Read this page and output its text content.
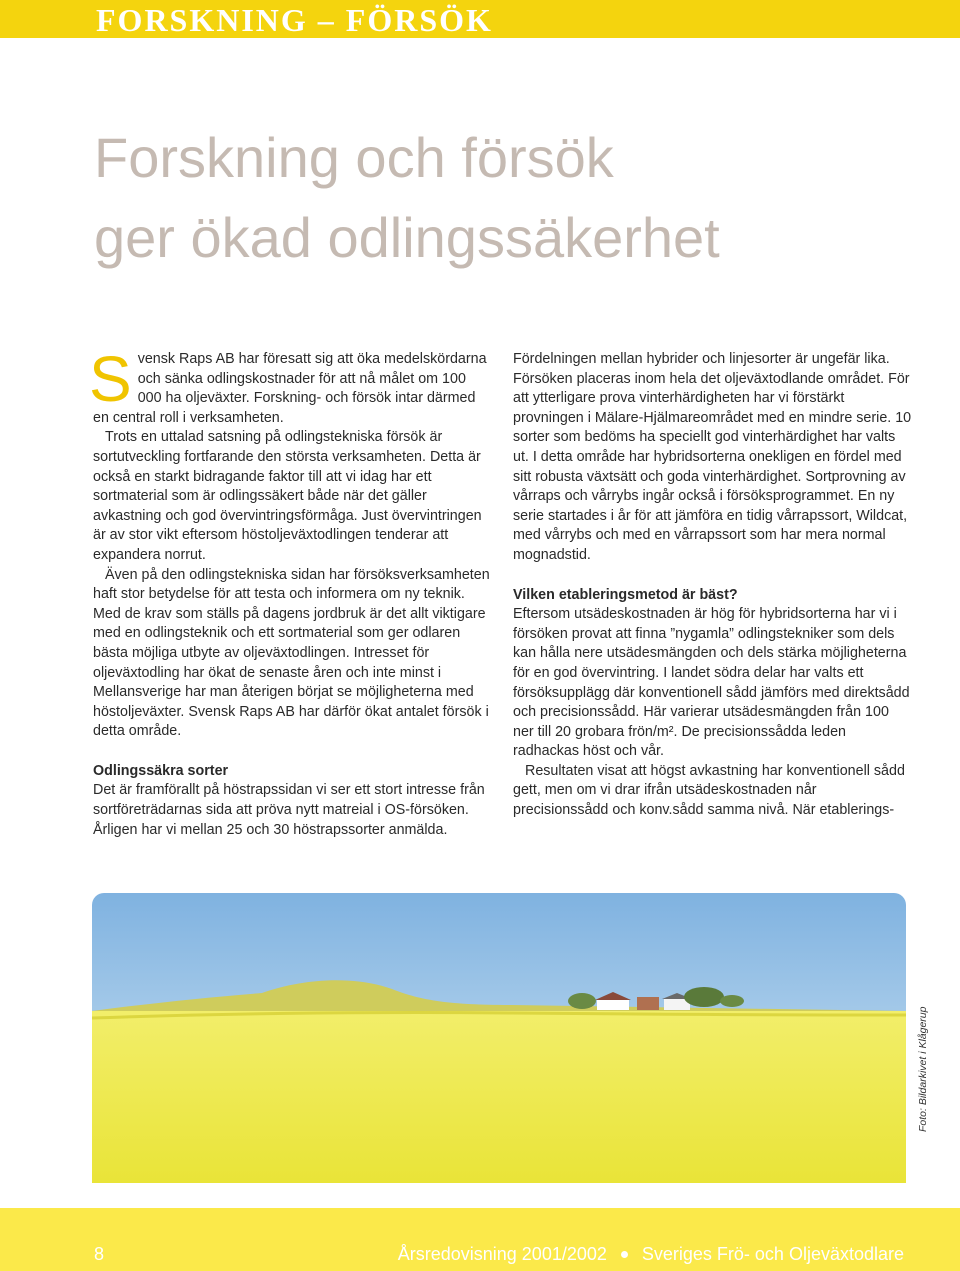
FORSKNING – FÖRSÖK
Forskning och försök
ger ökad odlingssäkerhet

Svensk Raps AB har föresatt sig att öka medelskördarna och sänka odlingskostnader för att nå målet om 100 000 ha oljeväxter. Forskning- och försök intar därmed en central roll i verksamheten.

Trots en uttalad satsning på odlingstekniska försök är sortutveckling fortfarande den största verksamheten. Detta är också en starkt bidragande faktor till att vi idag har ett sortmaterial som är odlingssäkert både när det gäller avkastning och god övervintringsförmåga. Just övervintringen är av stor vikt eftersom höstoljeväxtodlingen tenderar att expandera norrut.

Även på den odlingstekniska sidan har försöksverksamheten haft stor betydelse för att testa och informera om ny teknik. Med de krav som ställs på dagens jordbruk är det allt viktigare med en odlingsteknik och ett sortmaterial som ger odlaren bästa möjliga utbyte av oljeväxtodlingen. Intresset för oljeväxtodling har ökat de senaste åren och inte minst i Mellansverige har man återigen börjat se möjligheterna med höstoljeväxter. Svensk Raps AB har därför ökat antalet försök i detta område.

Odlingssäkra sorter

Det är framförallt på höstrapssidan vi ser ett stort intresse från sortföreträdarnas sida att pröva nytt matreial i OS-försöken. Årligen har vi mellan 25 och 30 höstrapssorter anmälda.

Fördelningen mellan hybrider och linjesorter är ungefär lika. Försöken placeras inom hela det oljeväxtodlande området. För att ytterligare prova vinterhärdigheten har vi förstärkt provningen i Mälare-Hjälmareområdet med en mindre serie. 10 sorter som bedöms ha speciellt god vinterhärdighet har valts ut. I detta område har hybridsorterna onekligen en fördel med sitt robusta växtsätt och goda vinterhärdighet. Sortprovning av vårraps och vårrybs ingår också i försöksprogrammet. En ny serie startades i år för att jämföra en tidig vårrapssort, Wildcat, med vårrybs och med en vårrapssort som har mera normal mognadstid.

Vilken etableringsmetod är bäst?

Eftersom utsädeskostnaden är hög för hybridsorterna har vi i försöken provat att finna ”nygamla” odlingstekniker som dels kan hålla nere utsädesmängden och dels stärka möjligheterna för en god övervintring. I landet södra delar har valts ett försöksupplägg där konventionell sådd jämförs med direktsådd och precisionssådd. Här varierar utsädesmängden från 100 ner till 20 grobara frön/m². De precisionssådda leden radhackas höst och vår.

Resultaten visat att högst avkastning har konventionell sådd gett, men om vi drar ifrån utsädeskostnaden når precisionssådd och konv.sådd samma nivå. När etablerings-

Foto: Bildarkivet i Klågerup
8	Årsredovisning 2001/2002 Sveriges Frö- och Oljeväxtodlare
